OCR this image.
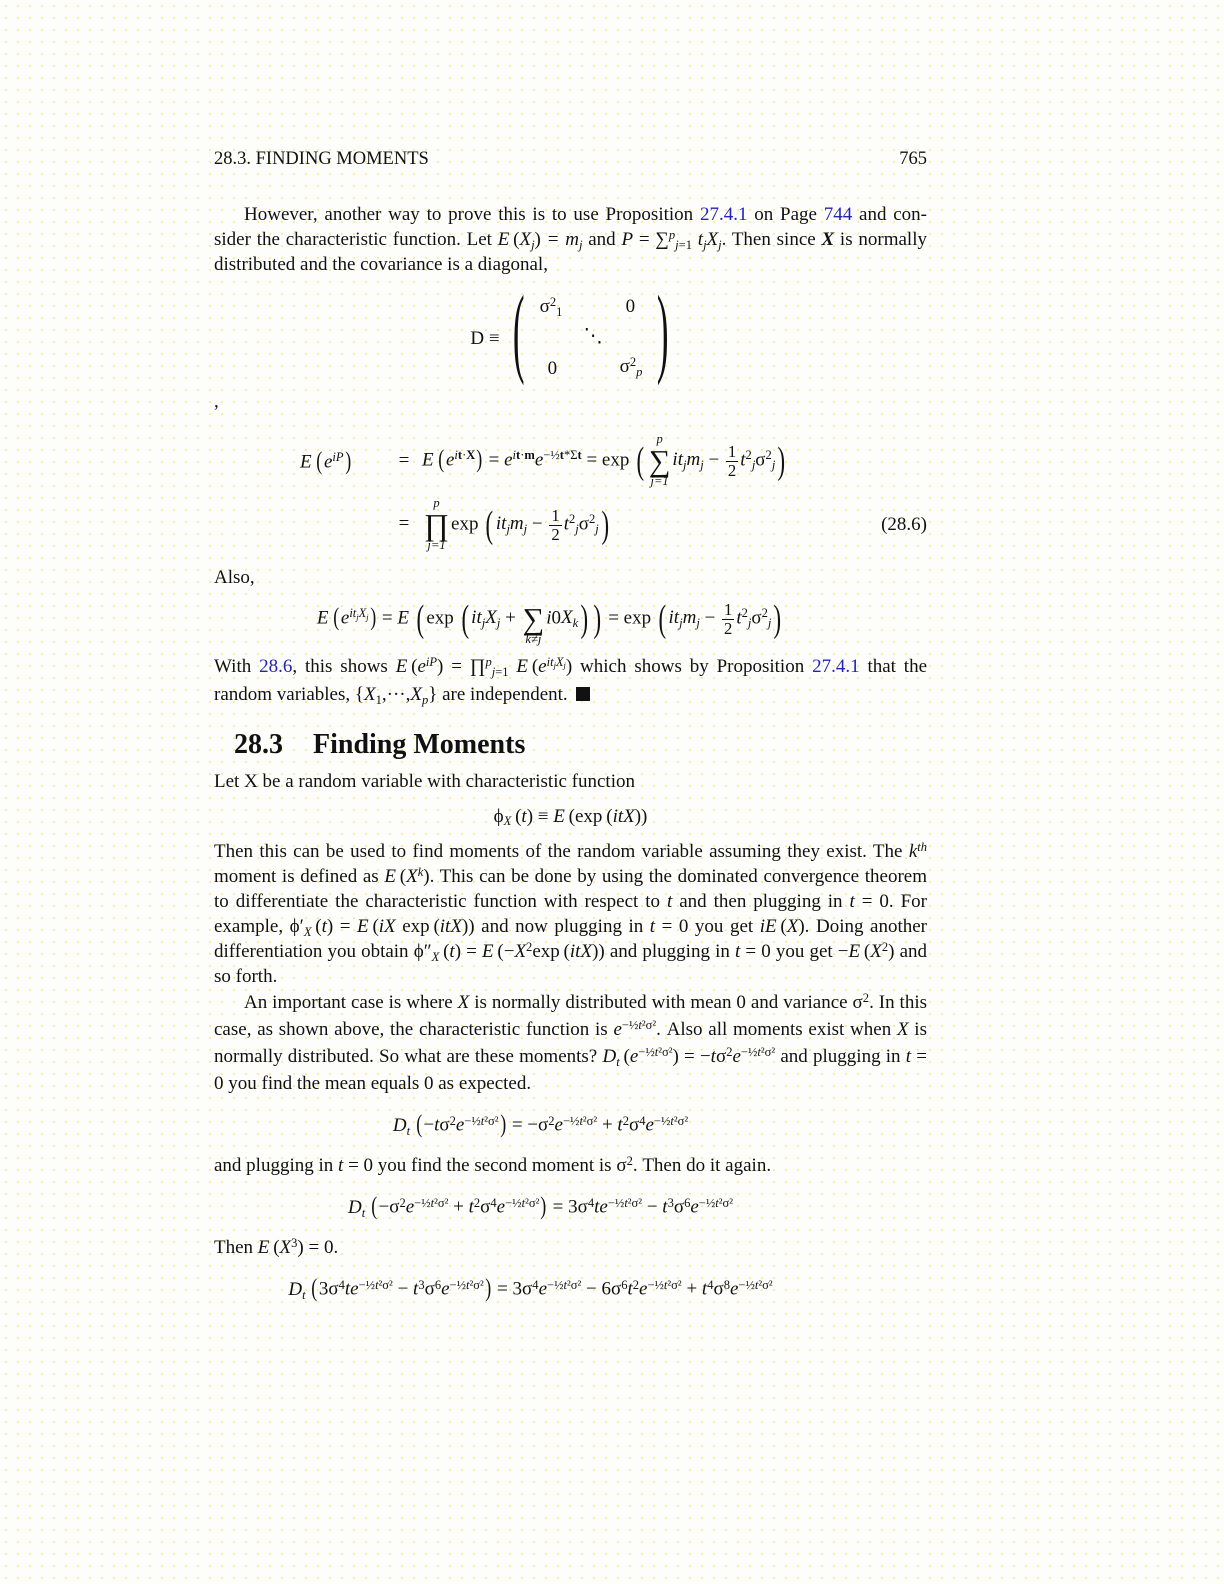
28.3. FINDING MOMENTS	765

However, another way to prove this is to use Proposition 27.4.1 on Page 744 and con-sider the characteristic function. Let E $(X_j) = m_j$ and P = ∑$^p_{j=1}$ $t_jX_j$. Then since X is normally distributed and the covariance is a diagonal,

D ≡ ( )
$\sigma^2_1$	0
⋱
0	$\sigma^2_p$
,
E  $(e^{iP})$	= E  $(e^{it\cdot X}) = e^{it\cdot m}e^{-\frac{1}{2}t*\Sigma t} = \exp$ (
p
∑
j=1
$it_jm_j - \frac{1}{2} t^2_j\sigma^2_j$)
=
p
∏
j=1
exp ( $it_jm_j - \frac{1}{2} t^2_j\sigma^2_j$)	(28.6)
Also,
E  $(e^{it_jX_j}) = E$ ( exp ( $it_jX_j$ +
∑
k≠j
$i0X_k$) ) = exp ( $it_jm_j - \frac{1}{2} t^2_j\sigma^2_j$)

With 28.6, this shows E $(e^{iP})$ = ∏$^p_{j=1}$ E $(e^{it_jX_j})$ which shows by Proposition 27.4.1 that the random variables, $\{X_1,\cdot\cdot\cdot,X_p\}$ are independent.

28.3 Finding Moments
Let X be a random variable with characteristic function
$\phi_X$ (t) ≡ E (exp (itX))

Then this can be used to find moments of the random variable assuming they exist. The $k^{th}$ moment is defined as E $(X^k)$. This can be done by using the dominated convergence theorem to differentiate the characteristic function with respect to t and then plugging in t = 0. For example, $\phi'_X$ (t) = E (iX exp (itX)) and now plugging in t = 0 you get iE (X). Doing another differentiation you obtain $\phi''_X$ (t) = E ($-X^2\exp$ (itX)) and plugging in t = 0 you get −E $(X^2)$ and so forth.

An important case is where X is normally distributed with mean 0 and variance $\sigma^2$. In this case, as shown above, the characteristic function is $e^{-\frac{1}{2}t^2\sigma^2}$. Also all moments exist when X is normally distributed. So what are these moments? $D_t$ $(e^{-\frac{1}{2}t^2\sigma^2}) = -t\sigma^2e^{-\frac{1}{2}t^2\sigma^2}$ and plugging in t = 0 you find the mean equals 0 as expected.

$D_t$ $(-t\sigma^2e^{-\frac{1}{2}t^2\sigma^2}) = -\sigma^2e^{-\frac{1}{2}t^2\sigma^2} + t^2\sigma^4e^{-\frac{1}{2}t^2\sigma^2}$
and plugging in t = 0 you find the second moment is $\sigma^2$. Then do it again.
$D_t$ $(-\sigma^2e^{-\frac{1}{2}t^2\sigma^2} + t^2\sigma^4e^{-\frac{1}{2}t^2\sigma^2}) = 3\sigma^4te^{-\frac{1}{2}t^2\sigma^2} - t^3\sigma^6e^{-\frac{1}{2}t^2\sigma^2}$
Then E $(X^3) = 0$.
$D_t$ $(3\sigma^4te^{-\frac{1}{2}t^2\sigma^2} - t^3\sigma^6e^{-\frac{1}{2}t^2\sigma^2}) = 3\sigma^4e^{-\frac{1}{2}t^2\sigma^2} - 6\sigma^6t^2e^{-\frac{1}{2}t^2\sigma^2} + t^4\sigma^8e^{-\frac{1}{2}t^2\sigma^2}$
